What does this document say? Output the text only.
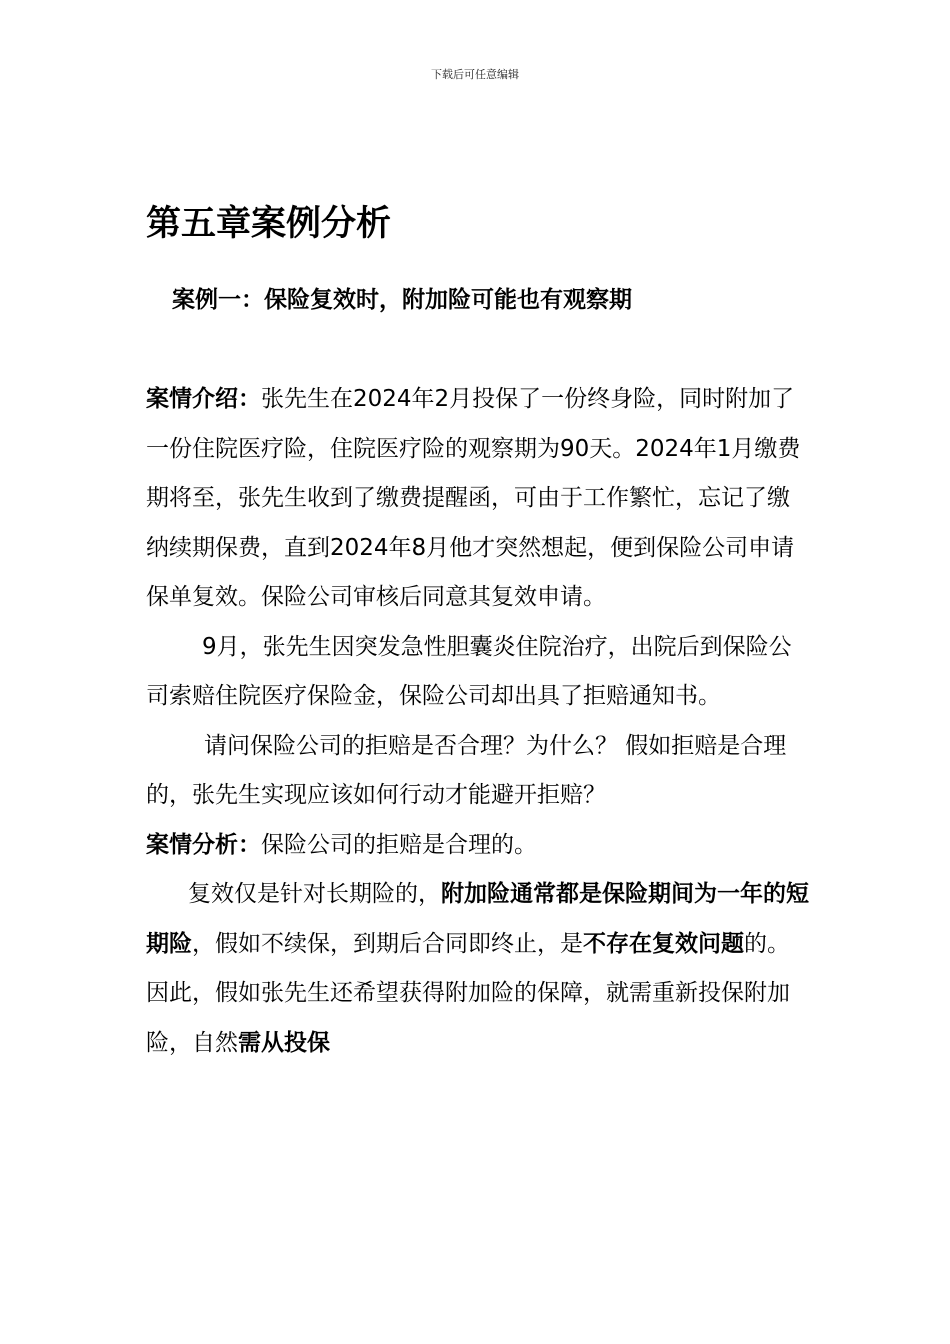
下载后可任意编辑
第五章案例分析
案例一：保险复效时，附加险可能也有观察期

案情介绍：张先生在2024年2月投保了一份终身险，同时附加了一份住院医疗险，住院医疗险的观察期为90天。2024年1月缴费期将至，张先生收到了缴费提醒函，可由于工作繁忙，忘记了缴纳续期保费，直到2024年8月他才突然想起，便到保险公司申请保单复效。保险公司审核后同意其复效申请。

9月，张先生因突发急性胆囊炎住院治疗，出院后到保险公司索赔住院医疗保险金，保险公司却出具了拒赔通知书。

请问保险公司的拒赔是否合理？为什么？ 假如拒赔是合理的，张先生实现应该如何行动才能避开拒赔？

案情分析：保险公司的拒赔是合理的。

复效仅是针对长期险的，附加险通常都是保险期间为一年的短期险，假如不续保，到期后合同即终止，是不存在复效问题的。因此，假如张先生还希望获得附加险的保障，就需重新投保附加险，自然需从投保
